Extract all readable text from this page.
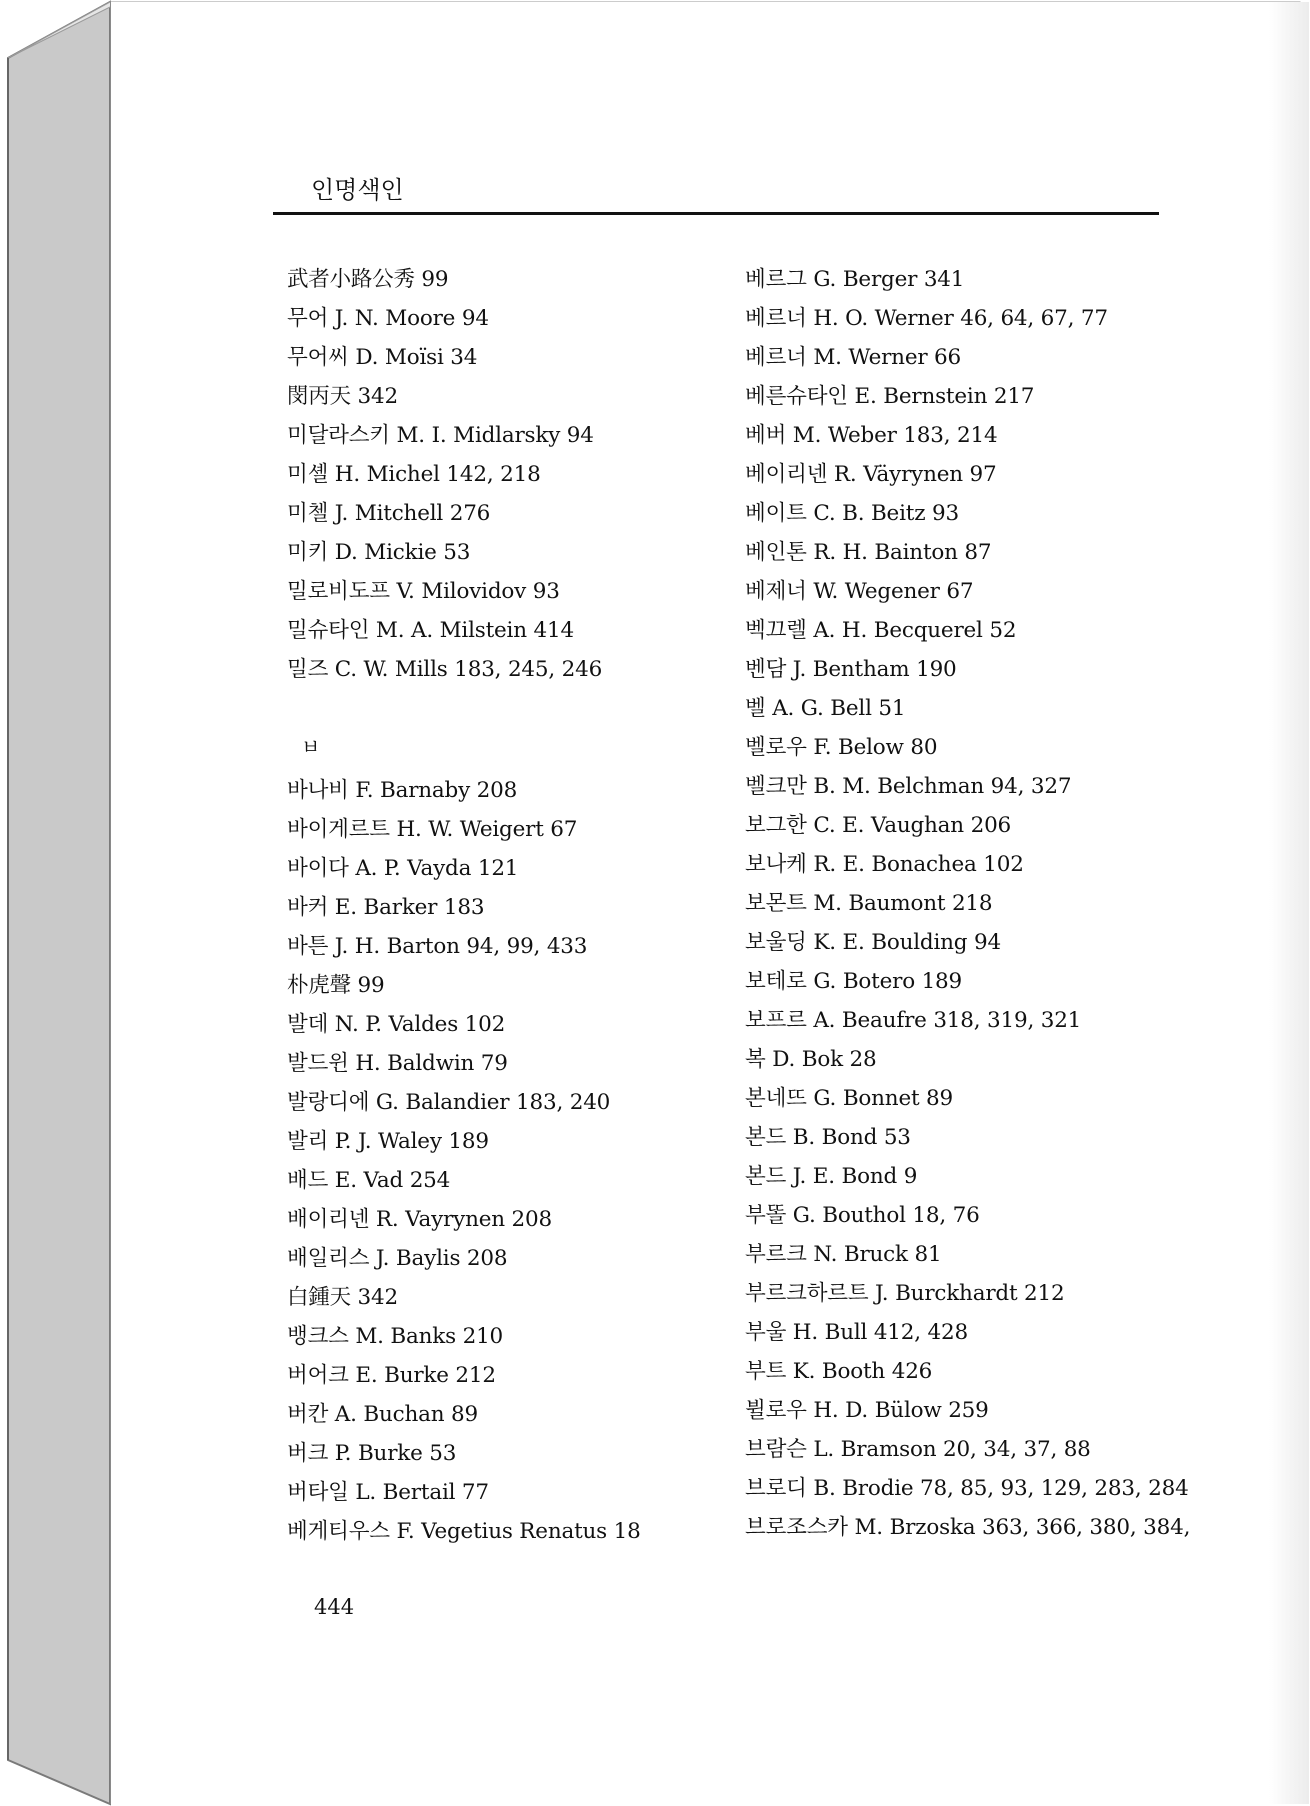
인명색인
武者小路公秀 99
무어 J. N. Moore 94
무어씨 D. Moïsi 34
閔丙天 342
미달라스키 M. I. Midlarsky 94
미셸 H. Michel 142, 218
미첼 J. Mitchell 276
미키 D. Mickie 53
밀로비도프 V. Milovidov 93
밀슈타인 M. A. Milstein 414
밀즈 C. W. Mills 183, 245, 246
ㅂ
바나비 F. Barnaby 208
바이게르트 H. W. Weigert 67
바이다 A. P. Vayda 121
바커 E. Barker 183
바튼 J. H. Barton 94, 99, 433
朴虎聲 99
발데 N. P. Valdes 102
발드윈 H. Baldwin 79
발랑디에 G. Balandier 183, 240
발리 P. J. Waley 189
배드 E. Vad 254
배이리넨 R. Vayrynen 208
배일리스 J. Baylis 208
白鍾天 342
뱅크스 M. Banks 210
버어크 E. Burke 212
버칸 A. Buchan 89
버크 P. Burke 53
버타일 L. Bertail 77
베게티우스 F. Vegetius Renatus 18
베르그 G. Berger 341
베르너 H. O. Werner 46, 64, 67, 77
베르너 M. Werner 66
베른슈타인 E. Bernstein 217
베버 M. Weber 183, 214
베이리넨 R. Väyrynen 97
베이트 C. B. Beitz 93
베인톤 R. H. Bainton 87
베제너 W. Wegener 67
벡끄렐 A. H. Becquerel 52
벤담 J. Bentham 190
벨 A. G. Bell 51
벨로우 F. Below 80
벨크만 B. M. Belchman 94, 327
보그한 C. E. Vaughan 206
보나케 R. E. Bonachea 102
보몬트 M. Baumont 218
보울딩 K. E. Boulding 94
보테로 G. Botero 189
보프르 A. Beaufre 318, 319, 321
복 D. Bok 28
본네뜨 G. Bonnet 89
본드 B. Bond 53
본드 J. E. Bond 9
부똘 G. Bouthol 18, 76
부르크 N. Bruck 81
부르크하르트 J. Burckhardt 212
부울 H. Bull 412, 428
부트 K. Booth 426
뷜로우 H. D. Bülow 259
브람슨 L. Bramson 20, 34, 37, 88
브로디 B. Brodie 78, 85, 93, 129, 283, 284
브로조스카 M. Brzoska 363, 366, 380, 384,
444
